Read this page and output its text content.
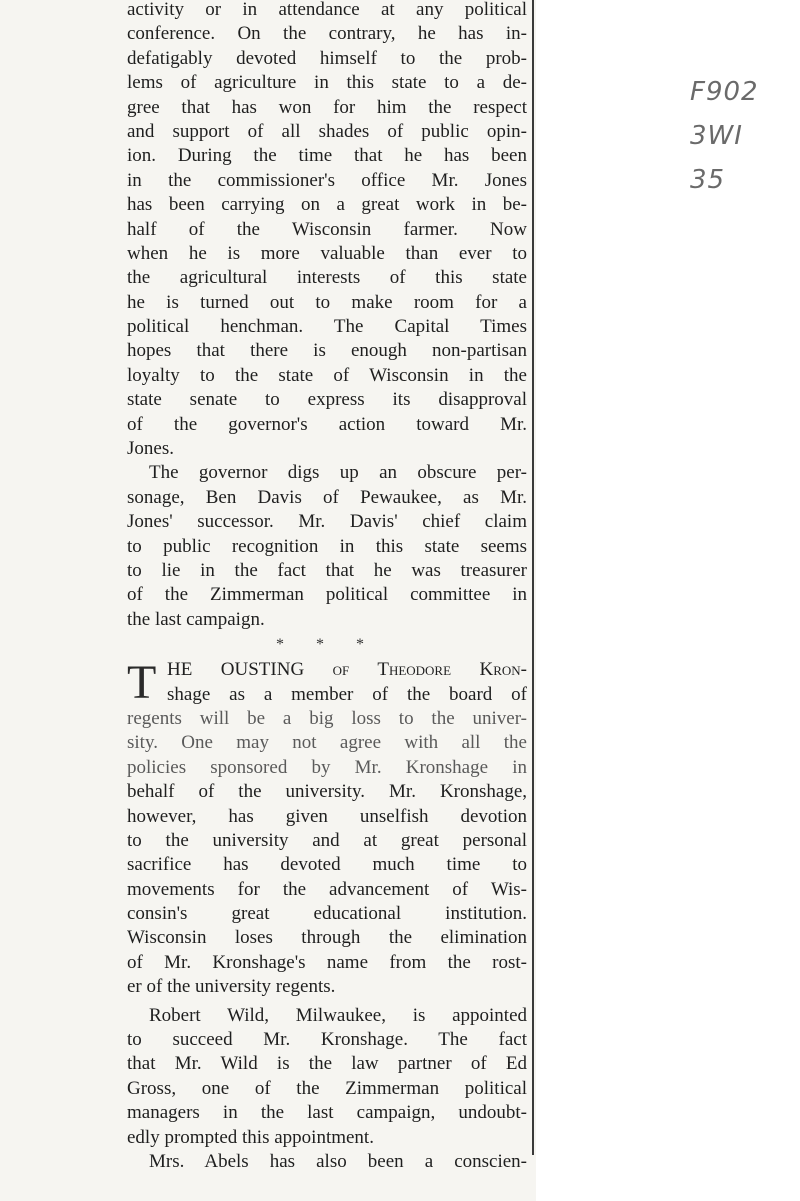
activity or in attendance at any political
conference. On the contrary, he has in-
defatigably devoted himself to the prob-
lems of agriculture in this state to a de-
gree that has won for him the respect
and support of all shades of public opin-
ion. During the time that he has been
in the commissioner's office Mr. Jones
has been carrying on a great work in be-
half of the Wisconsin farmer. Now
when he is more valuable than ever to
the agricultural interests of this state
he is turned out to make room for a
political henchman. The Capital Times
hopes that there is enough non-partisan
loyalty to the state of Wisconsin in the
state senate to express its disapproval
of the governor's action toward Mr.
Jones.
The governor digs up an obscure per-
sonage, Ben Davis of Pewaukee, as Mr.
Jones' successor. Mr. Davis' chief claim
to public recognition in this state seems
to lie in the fact that he was treasurer
of the Zimmerman political committee in
the last campaign.
* * *
T HE OUSTING of Theodore Kron-
shage as a member of the board of
regents will be a big loss to the univer-
sity. One may not agree with all the
policies sponsored by Mr. Kronshage in
behalf of the university. Mr. Kronshage,
however, has given unselfish devotion
to the university and at great personal
sacrifice has devoted much time to
movements for the advancement of Wis-
consin's great educational institution.
Wisconsin loses through the elimination
of Mr. Kronshage's name from the rost-
er of the university regents.
Robert Wild, Milwaukee, is appointed
to succeed Mr. Kronshage. The fact
that Mr. Wild is the law partner of Ed
Gross, one of the Zimmerman political
managers in the last campaign, undoubt-
edly prompted this appointment.
Mrs. Abels has also been a conscien-
F902
3WI
35
